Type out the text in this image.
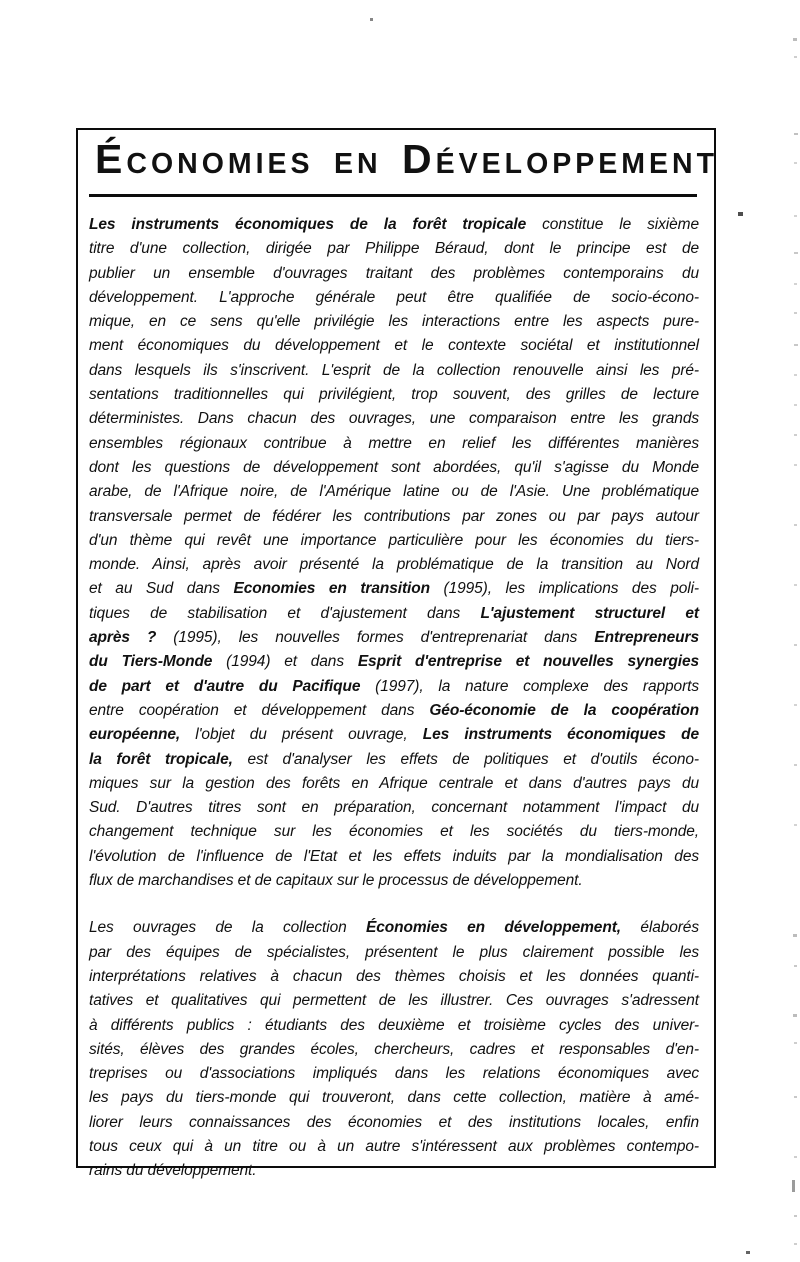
ÉCONOMIES EN DÉVELOPPEMENT
Les instruments économiques de la forêt tropicale constitue le sixième
titre d'une collection, dirigée par Philippe Béraud, dont le principe est de
publier un ensemble d'ouvrages traitant des problèmes contemporains du
développement. L'approche générale peut être qualifiée de socio-écono-
mique, en ce sens qu'elle privilégie les interactions entre les aspects pure-
ment économiques du développement et le contexte sociétal et institutionnel
dans lesquels ils s'inscrivent. L'esprit de la collection renouvelle ainsi les pré-
sentations traditionnelles qui privilégient, trop souvent, des grilles de lecture
déterministes. Dans chacun des ouvrages, une comparaison entre les grands
ensembles régionaux contribue à mettre en relief les différentes manières
dont les questions de développement sont abordées, qu'il s'agisse du Monde
arabe, de l'Afrique noire, de l'Amérique latine ou de l'Asie. Une problématique
transversale permet de fédérer les contributions par zones ou par pays autour
d'un thème qui revêt une importance particulière pour les économies du tiers-
monde. Ainsi, après avoir présenté la problématique de la transition au Nord
et au Sud dans Economies en transition (1995), les implications des poli-
tiques de stabilisation et d'ajustement dans L'ajustement structurel et
après ? (1995), les nouvelles formes d'entreprenariat dans Entrepreneurs
du Tiers-Monde (1994) et dans Esprit d'entreprise et nouvelles synergies
de part et d'autre du Pacifique (1997), la nature complexe des rapports
entre coopération et développement dans Géo-économie de la coopération
européenne, l'objet du présent ouvrage, Les instruments économiques de
la forêt tropicale, est d'analyser les effets de politiques et d'outils écono-
miques sur la gestion des forêts en Afrique centrale et dans d'autres pays du
Sud. D'autres titres sont en préparation, concernant notamment l'impact du
changement technique sur les économies et les sociétés du tiers-monde,
l'évolution de l'influence de l'Etat et les effets induits par la mondialisation des
flux de marchandises et de capitaux sur le processus de développement.
Les ouvrages de la collection Économies en développement, élaborés
par des équipes de spécialistes, présentent le plus clairement possible les
interprétations relatives à chacun des thèmes choisis et les données quanti-
tatives et qualitatives qui permettent de les illustrer. Ces ouvrages s'adressent
à différents publics : étudiants des deuxième et troisième cycles des univer-
sités, élèves des grandes écoles, chercheurs, cadres et responsables d'en-
treprises ou d'associations impliqués dans les relations économiques avec
les pays du tiers-monde qui trouveront, dans cette collection, matière à amé-
liorer leurs connaissances des économies et des institutions locales, enfin
tous ceux qui à un titre ou à un autre s'intéressent aux problèmes contempo-
rains du développement.
